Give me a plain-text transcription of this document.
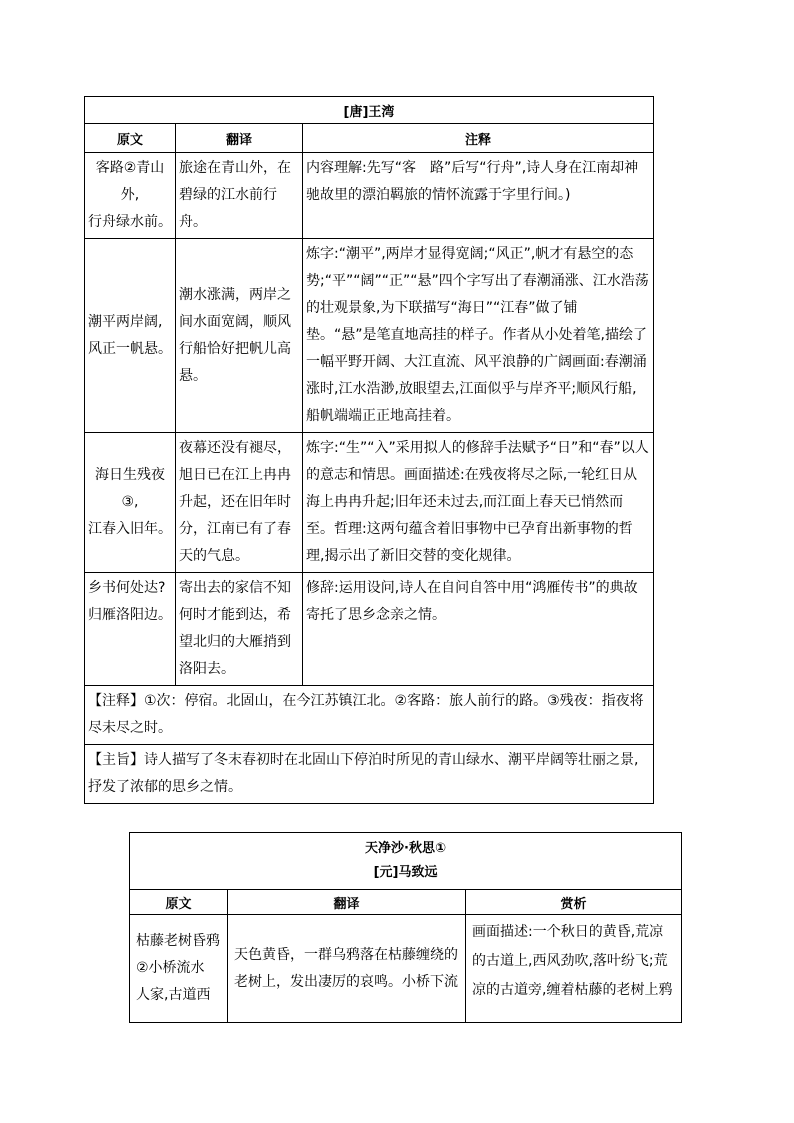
[唐]王湾		
原文	翻译	注释

客路②青山
外,
行舟绿水前。	旅途在青山外，在碧绿的江水前行舟。	内容理解:先写“客　路”后写“行舟”,诗人身在江南却神驰故里的漂泊羁旅的情怀流露于字里行间。)

潮平两岸阔,
风正一帆悬。	潮水涨满，两岸之间水面宽阔，顺风行船恰好把帆儿高悬。	炼字:“潮平”,两岸才显得宽阔;“风正”,帆才有悬空的态势;“平”“阔”“正”“悬”四个字写出了春潮涌涨、江水浩荡的壮观景象,为下联描写“海日”“江春”做了铺　垫。“悬”是笔直地高挂的样子。作者从小处着笔,描绘了一幅平野开阔、大江直流、风平浪静的广阔画面:春潮涌涨时,江水浩渺,放眼望去,江面似乎与岸齐平;顺风行船,船帆端端正正地高挂着。

海日生残夜
③,
江春入旧年。	夜幕还没有褪尽，旭日已在江上冉冉升起，还在旧年时分，江南已有了春天的气息。	炼字:“生”“入”采用拟人的修辞手法赋予“日”和“春”以人的意志和情思。画面描述:在残夜将尽之际,一轮红日从海上冉冉升起;旧年还未过去,而江面上春天已悄然而至。哲理:这两句蕴含着旧事物中已孕育出新事物的哲理,揭示出了新旧交替的变化规律。

乡书何处达?
归雁洛阳边。	寄出去的家信不知何时才能到达，希望北归的大雁捎到洛阳去。	修辞:运用设问,诗人在自问自答中用“鸿雁传书”的典故寄托了思乡念亲之情。
【注释】①次：停宿。北固山，在今江苏镇江北。②客路：旅人前行的路。③残夜：指夜将尽未尽之时。		
【主旨】诗人描写了冬末春初时在北固山下停泊时所见的青山绿水、潮平岸阔等壮丽之景,抒发了浓郁的思乡之情。		
天净沙·秋思①
[元]马致远		

原文	翻译	赏析

枯藤老树昏鸦
②小桥流水
人家,古道西	天色黄昏，一群乌鸦落在枯藤缠绕的老树上，发出凄厉的哀鸣。小桥下流	画面描述:一个秋日的黄昏,荒凉的古道上,西风劲吹,落叶纷飞;荒凉的古道旁,缠着枯藤的老树上鸦
